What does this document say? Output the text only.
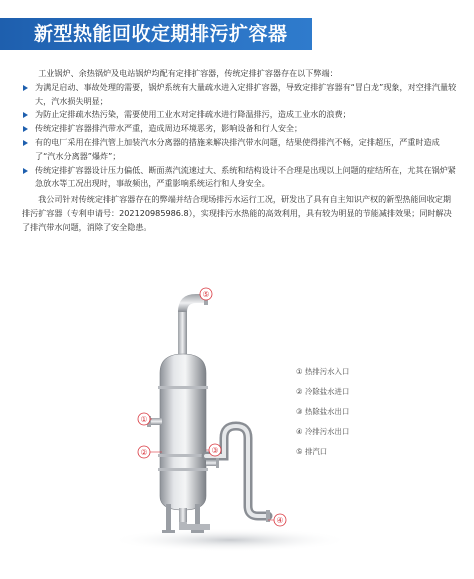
新型热能回收定期排污扩容器

工业锅炉、余热锅炉及电站锅炉均配有定排扩容器，传统定排扩容器存在以下弊端：

为满足启动、事故处理的需要，锅炉系统有大量疏水进入定排扩容器，导致定排扩容器有“冒白龙”现象，对空排汽量较大，汽水损失明显；
为防止定排疏水热污染，需要使用工业水对定排疏水进行降温排污，造成工业水的浪费；
传统定排扩容器排汽带水严重，造成周边环境恶劣，影响设备和行人安全；
有的电厂采用在排汽管上加装汽水分离器的措施来解决排汽带水问题，结果使得排汽不畅，定排超压，严重时造成了“汽水分离器”爆炸”；
传统定排扩容器设计压力偏低、断面蒸汽流速过大、系统和结构设计不合理是出现以上问题的症结所在，尤其在锅炉紧急放水等工况出现时，事故频出，严重影响系统运行和人身安全。

我公司针对传统定排扩容器存在的弊端并结合现场排污水运行工况，研发出了具有自主知识产权的新型热能回收定期排污扩容器（专利申请号：202120985986.8），实现排污水热能的高效利用，具有较为明显的节能减排效果；同时解决了排汽带水问题，消除了安全隐患。

①
②	③
④
⑤
① 热排污水入口
② 冷除盐水进口
③ 热除盐水出口
④ 冷排污水出口
⑤ 排汽口
